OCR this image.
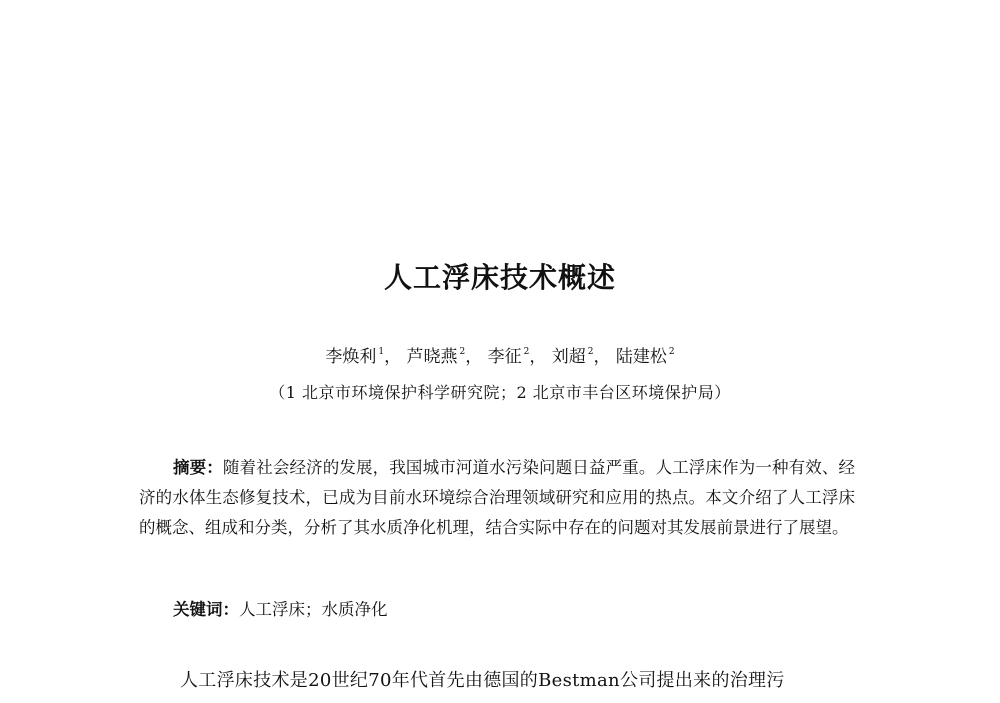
人工浮床技术概述
李焕利 $^1$， 芦晓燕 $^2$， 李征 $^2$， 刘超 $^2$， 陆建松 $^2$
（1 北京市环境保护科学研究院；2 北京市丰台区环境保护局）

摘要：随着社会经济的发展，我国城市河道水污染问题日益严重。人工浮床作为一种有效、经济的水体生态修复技术，已成为目前水环境综合治理领域研究和应用的热点。本文介绍了人工浮床的概念、组成和分类，分析了其水质净化机理，结合实际中存在的问题对其发展前景进行了展望。

关键词：人工浮床；水质净化
人工浮床技术是20世纪70年代首先由德国的Bestman公司提出来的治理污
